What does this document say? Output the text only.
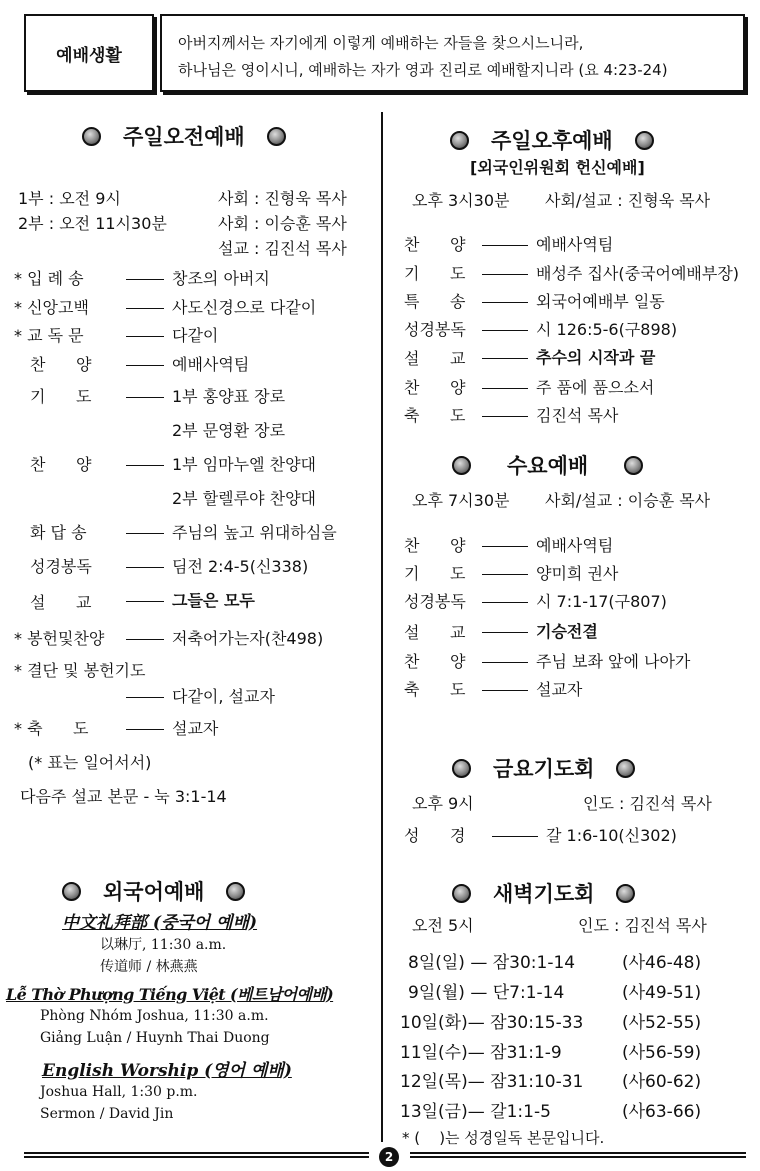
예배생활
아버지께서는 자기에게 이렇게 예배하는 자들을 찾으시느니라,
하나님은 영이시니, 예배하는 자가 영과 진리로 예배할지니라 (요 4:23-24)
주일오전예배
1부 : 오전 9시	사회 : 진형욱 목사
2부 : 오전 11시30분	사회 : 이승훈 목사
설교 : 김진석 목사
* 입 례 송	창조의 아버지
* 신앙고백	사도신경으로 다같이
* 교 독 문	다같이
찬      양	예배사역팀
기      도	1부 홍양표 장로
2부 문영환 장로
찬      양	1부 임마누엘 찬양대
2부 할렐루야 찬양대
화 답 송	주님의 높고 위대하심을
성경봉독	딤전 2:4-5(신338)
설      교	그들은 모두
* 봉헌및찬양	저축어가는자(찬498)
* 결단 및 봉헌기도
다같이, 설교자
* 축      도	설교자
(* 표는 일어서서)
다음주 설교 본문 - 눅 3:1-14
외국어예배
中文礼拜部 (중국어 예배)
以琳厅, 11:30 a.m.
传道师 / 林燕燕
Lễ Thờ Phượng Tiếng Việt (베트남어예배)
Phòng Nhóm Joshua, 11:30 a.m.
Giảng Luận / Huynh Thai Duong
English Worship (영어 예배)
Joshua Hall, 1:30 p.m.
Sermon / David Jin
주일오후예배
[외국인위원회 헌신예배]
오후 3시30분 사회/설교 : 진형욱 목사
찬      양	예배사역팀
기      도	배성주 집사(중국어예배부장)
특      송	외국어예배부 일동
성경봉독	시 126:5-6(구898)
설      교	추수의 시작과 끝
찬      양	주 품에 품으소서
축      도	김진석 목사
수요예배
오후 7시30분 사회/설교 : 이승훈 목사
찬      양	예배사역팀
기      도	양미희 권사
성경봉독	시 7:1-17(구807)
설      교	기승전결
찬      양	주님 보좌 앞에 나아가
축      도	설교자
금요기도회
오후 9시	인도 : 김진석 목사
성      경	갈 1:6-10(신302)
새벽기도회
오전 5시	인도 : 김진석 목사
8일(일) — 잠30:1-14	(사46-48)
9일(월) — 단7:1-14	(사49-51)
10일(화)— 잠30:15-33 (사52-55)
11일(수)— 잠31:1-9	(사56-59)
12일(목)— 잠31:10-31 (사60-62)
13일(금)— 갈1:1-5	(사63-66)
* (    )는 성경일독 본문입니다.
2
